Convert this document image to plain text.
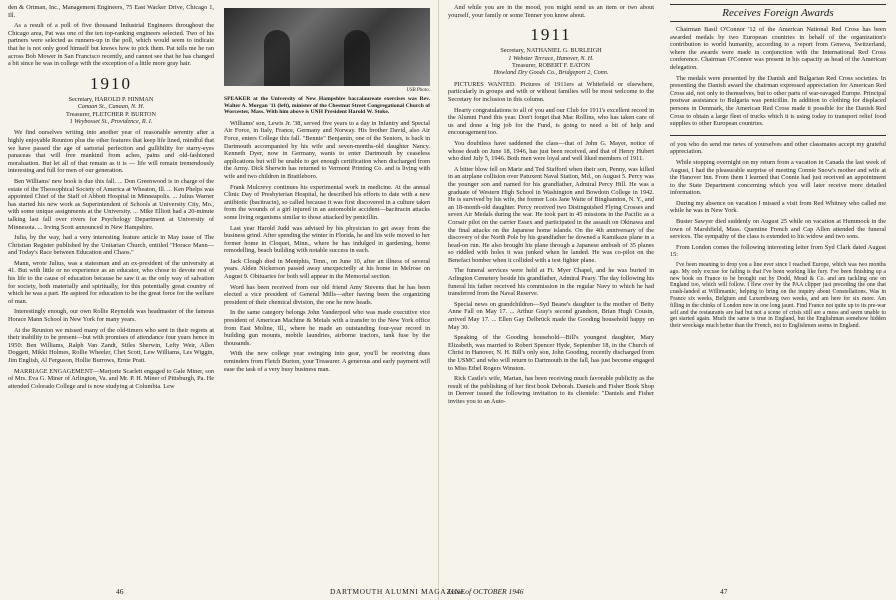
den & Ortman, Inc., Management Engineers, 75 East Wacker Drive, Chicago 1, Ill.

As a result of a poll of five thousand Industrial Engineers throughout the Chicago area, Pat was one of the ten top-ranking engineers selected. Two of his partners were selected as runners-up in the poll, which would seem to indicate that he is not only good himself but knows how to pick them. Pat tells me he ran across Bob Mower in San Francisco recently, and cannot see that he has changed a bit since he was in college with the exception of a little more gray hair.

1910
Secretary, HAROLD P. HINMAN
Canaan St., Canaan, N. H.
Treasurer, FLETCHER P. BURTON
1 Weybosset St., Providence, R. I.

We find ourselves writing into another year of reasonable serenity after a highly enjoyable Reunion plus the other features that keep life lined, mindful that we have passed the age of sartorial perfection and gullibility for starry-eyes panaceas that will free mankind from aches, pains and old-fashioned moraluation. But let all of that remain as it is — life will remain tremendously interesting and full for men of our generation.

Ben Williams' new book is due this fall. ... Don Greenwood is in charge of the estate of the Theosophical Society of America at Wheaton, Ill. ... Ken Phelps was appointed Chief of the Staff of Abbott Hospital in Minneapolis. ... Julius Warner has started his new work as Superintendent of Schools at University City, Mo., with some unique assignments at the University. ... Mike Elliott had a 20-minute talking last fall over rivers for Psychology Department at University of Minnesota. ... Irving Scott announced in New Hampshire.

Julia, by the way, had a very interesting feature article in May issue of The Christian Register published by the Unitarian Church, entitled "Horace Mann—and Today's Race between Education and Chaos."

Mann, wrote Julius, was a statesman and an ex-president of the university at 41. But with little or no experience as an educator, who chose to devote rest of his life to the cause of education because he saw it as the only way of salvation for society, both materially and spiritually, for this potentially great country of which he was a part. He aspired for education to be the great force for the welfare of man.

Interestingly enough, our own Rollie Reynolds was headmaster of the famous Horace Mann School in New York for many years.

At the Reunion we missed many of the old-timers who sent in their regrets at their inability to be present—but with promises of attendance four years hence in 1950: Ben Williams, Ralph Van Zandt, Stiles Sherwin, Lefty Weir, Allen Doggett, Mikki Holmes, Rollie Wheeler, Chet Scott, Lew Williams, Les Wiggin, Jim English, Al Ferguson, Hollie Burrows, Ernie Pratt.

MARRIAGE ENGAGEMENT—Marjorie Scarlett engaged to Gale Miner, son of Mrs. Eva G. Miner of Arlington, Va. and Mr. P. H. Miner of Pittsburgh, Pa. He attended Colorado College and is now studying at Columbia. Lew

USB Photo.
SPEAKER at the University of New Hampshire baccalaureate exercises was Rev. Walter A. Morgan '11 (left), minister of the Chestnut Street Congregational Church of Worcester, Mass. With him above is UNH President Harold W. Stoke.

Williams' son, Lewis Jr. '38, served five years to a day in Infantry and Special Air Force, in Italy, France, Germany and Norway. His brother David, also Air Force, enters College this fall. "Bennie" Benjamin, one of the Seniors, is back in Dartmouth accompanied by his wife and seven-months-old daughter Nancy. Kenneth Dyer, now in Germany, wants to enter Dartmouth by ceaseless applications but will be unable to get enough certification when discharged from the Army. Dick Sherwin has returned to Vermont Printing Co. and is living with wife and two children in Brattleboro.

Frank Mulcrevy continues his experimental work in medicine. At the annual Clinic Day of Presbyterian Hospital, he described his efforts to date with a new antibiotic (bacitracin), so called because it was first discovered in a culture taken from the wounds of a girl injured in an automobile accident—bacitracin attacks some living organisms similar to those attacked by penicillin.

Last year Harold Judd was advised by his physician to get away from the business grind. After spending the winter in Florida, he and his wife moved to her former home in Cloquet, Minn., where he has indulged in gardening, home remodelling, beach building with notable success in each.

Jack Clough died in Memphis, Tenn., on June 10, after an illness of several years. Alden Nickerson passed away unexpectedly at his home in Melrose on August 9. Obituaries for both will appear in the Memorial section.

Word has been received from our old friend Amy Stevens that he has been elected a vice president of General Mills—after having been the organizing president of their chemical division, the one he now heads.

In the same category belongs John Vanderpool who was made executive vice president of American Machine & Metals with a transfer to the New York office from East Moline, Ill., where he made an outstanding four-year record in building gun mounts, mobile laundries, airborne tractors, tank fuse by the thousands.

With the new college year swinging into gear, you'll be receiving dues reminders from Fletch Burton, your Treasurer. A generous and early payment will ease the task of a very busy business man.

And while you are in the mood, you might send us an item or two about yourself, your family or some Tenner you know about.

1911
Secretary, NATHANIEL G. BURLEIGH
1 Webster Terrace, Hanover, N. H.
Treasurer, ROBERT F. EATON
Howland Dry Goods Co., Bridgeport 2, Conn.

PICTURES WANTED. Pictures of 1911ers at Whitefield or elsewhere, particularly in groups and with or without families will be most welcome to the Secretary for inclusion in this column.

Hearty congratulations to all of you and our Club for 1911's excellent record in the Alumni Fund this year. Don't forget that Mac Rollins, who has taken care of us and done a big job for the Fund, is going to need a bit of help and encouragement too.

You doubtless have saddened the class—that of John G. Mayer, notice of whose death on June 18, 1946, has just been received, and that of Henry Hubert who died July 5, 1946. Both men were loyal and well liked members of 1911.

A bitter blow fell on Marie and Ted Stafford when their son, Penny, was killed in an airplane collision over Patuxent Naval Station, Md., on August 5. Percy was the younger son and named for his grandfather, Admiral Percy Hill. He was a graduate of Western High School in Washington and Bowdoin College in 1942. He is survived by his wife, the former Lois Jane Waite of Binghamton, N. Y., and an 18-month-old daughter. Percy received two Distinguished Flying Crosses and seven Air Medals during the war. He took part in 45 missions in the Pacific as a Corsair pilot on the carrier Essex and participated in the assault on Okinawa and the final attacks on the Japanese home islands. On the 4th anniversary of the discovery of the North Pole by his grandfather he downed a Kamikaze plane in a head-on run. He also brought his plane through a Japanese ambush of 35 planes so riddled with holes it was junked when he landed. He was co-pilot on the Benefact bomber when it collided with a test fighter plane.

The funeral services were held at Ft. Myer Chapel, and he was buried in Arlington Cemetery beside his grandfather, Admiral Peary. The day following his funeral his father received his commission in the regular Navy to which he had transferred from the Naval Reserve.

Special news on grandchildren—Syd Beane's daughter is the mother of Betty Anne Fall on May 17. ... Arthur Gray's second grandson, Brian Hugh Cousin, arrived May 17. ... Ellen Gay Delbrück made the Gooding household happy on May 30.

Speaking of the Gooding household—Bill's youngest daughter, Mary Elizabeth, was married to Robert Spencer Hyde, September 18, in the Church of Christ in Hanover, N. H. Bill's only son, John Gooding, recently discharged from the USMC and who will return to Dartmouth in the fall, has just become engaged to Miss Ethel Rogers Winston.

Rick Castle's wife, Marian, has been receiving much favorable publicity as the result of the publishing of her first book Deborah. Daniels and Fisher Book Shop in Denver issued the following invitation to its clientele: "Daniels and Fisher invites you to an Auto-

Receives Foreign Awards

Chairman Basil O'Connor '12 of the American National Red Cross has been awarded medals by two European countries in behalf of the organization's contribution to world humanity, according to a report from Geneva, Switzerland, where the awards were made in conjunction with the International Red Cross conference. Chairman O'Connor was present in his capacity as head of the American delegation.

The medals were presented by the Danish and Bulgarian Red Cross societies. In presenting the Danish award the chairman expressed appreciation for American Red Cross aid, not only to themselves, but to other parts of war-ravaged Europe. Principal postwar assistance to Bulgaria was penicillin. In addition to clothing for displaced persons in Denmark, the American Red Cross made it possible for the Danish Red Cross to obtain a large fleet of trucks which it is using today to transport relief food supplies to other European countries.

of you who do send me news of yourselves and other classmates accept my grateful appreciation.

While stopping overnight on my return from a vacation in Canada the last week of August, I had the pleasurable surprise of meeting Connie Snow's mother and wife at the Hanover Inn. From them I learned that Connie had just received an appointment to the State Department concerning which you will later receive more detailed information.

During my absence on vacation I missed a visit from Red Whitney who called me while he was in New York.

Buster Sawyer died suddenly on August 25 while on vacation at Hummock in the town of Marshfield, Mass. Quentine French and Cap Allen attended the funeral services. The sympathy of the class is extended to his widow and two sons.

From London comes the following interesting letter from Syd Clark dated August 15:

I've been meaning to drop you a line ever since I reached Europe, which was two months ago. My only excuse for failing is that I've been working like fury. I've been finishing up a new book on France to be brought out by Dodd, Mead & Co. and am tackling one on England too, which will follow. I flew over by the PAA clipper just preceding the one that crash-landed at Willimantic, helping to bring on the inquiry about Constellations. Was in France six weeks, Belgium and Luxembourg two weeks, and am here for six more. Am filling in the chinks of London now in one long jaunt. Find France not quite up to its pre-war self and the restaurants are bad but not a scene of crisis still are a mess and seem unable to get started again. Much the same is true in England, but the Englishman somehow hidden their wreckage much better than the French, not to Englishmen seems in England.

46	DARTMOUTH ALUMNI MAGAZINE
Issue of OCTOBER 1946	47
